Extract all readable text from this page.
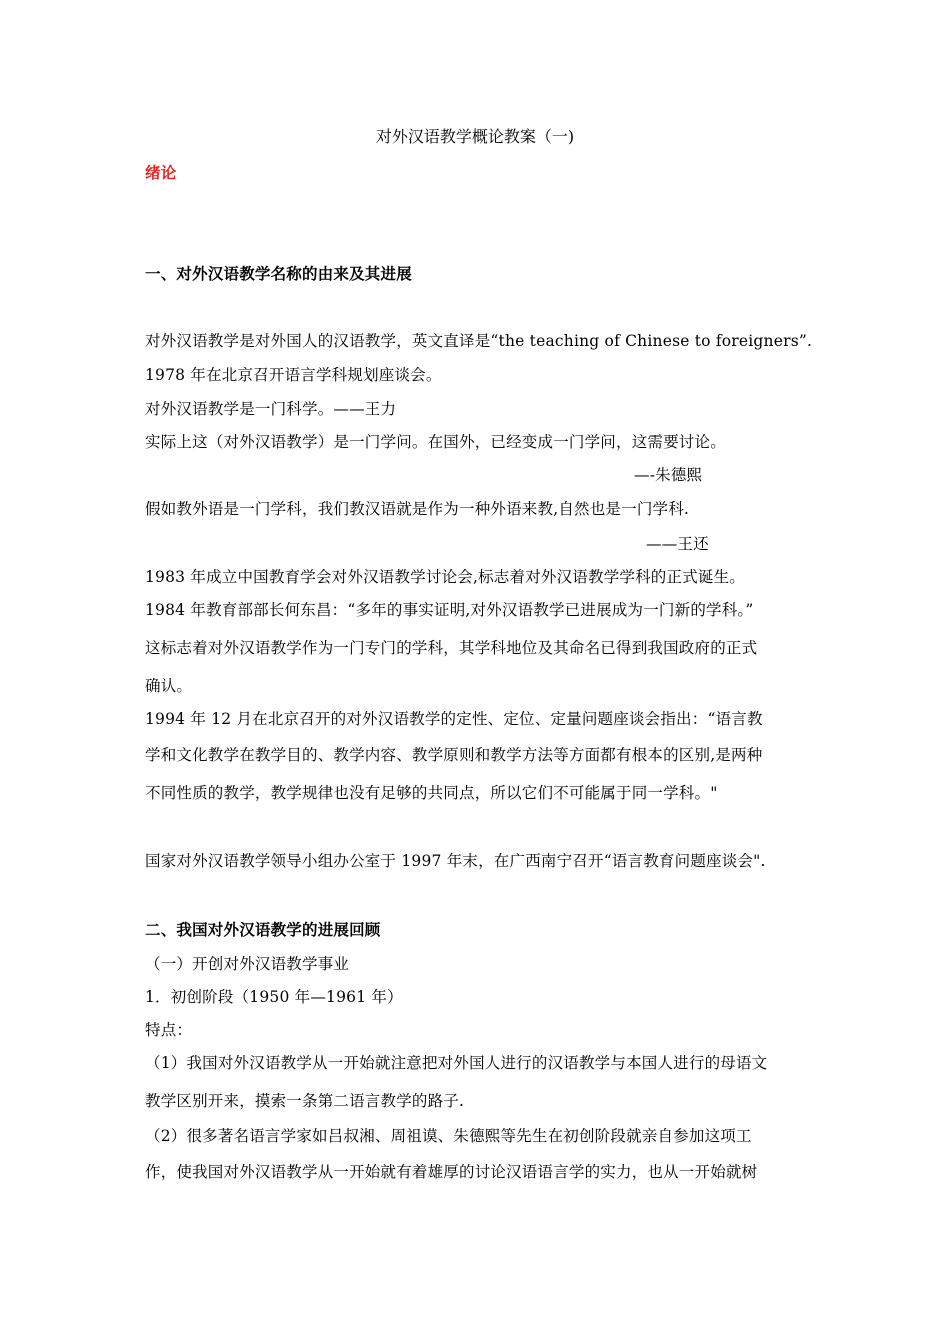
对外汉语教学概论教案（一)
绪论
一、对外汉语教学名称的由来及其进展
对外汉语教学是对外国人的汉语教学，英文直译是“the teaching of Chinese to foreigners”.
1978 年在北京召开语言学科规划座谈会。
对外汉语教学是一门科学。——王力
实际上这（对外汉语教学）是一门学问。在国外，已经变成一门学问，这需要讨论。
—-朱德熙
假如教外语是一门学科，我们教汉语就是作为一种外语来教,自然也是一门学科.
——王还
1983 年成立中国教育学会对外汉语教学讨论会,标志着对外汉语教学学科的正式诞生。
1984 年教育部部长何东昌：“多年的事实证明,对外汉语教学已进展成为一门新的学科。”
这标志着对外汉语教学作为一门专门的学科，其学科地位及其命名已得到我国政府的正式
确认。
1994 年 12 月在北京召开的对外汉语教学的定性、定位、定量问题座谈会指出：“语言教
学和文化教学在教学目的、教学内容、教学原则和教学方法等方面都有根本的区别,是两种
不同性质的教学，教学规律也没有足够的共同点，所以它们不可能属于同一学科。"
国家对外汉语教学领导小组办公室于 1997 年末，在广西南宁召开“语言教育问题座谈会".
二、我国对外汉语教学的进展回顾
（一）开创对外汉语教学事业
1．初创阶段（1950 年—1961 年）
特点：
（1）我国对外汉语教学从一开始就注意把对外国人进行的汉语教学与本国人进行的母语文
教学区别开来，摸索一条第二语言教学的路子.
（2）很多著名语言学家如吕叔湘、周祖谟、朱德熙等先生在初创阶段就亲自参加这项工
作，使我国对外汉语教学从一开始就有着雄厚的讨论汉语语言学的实力，也从一开始就树
